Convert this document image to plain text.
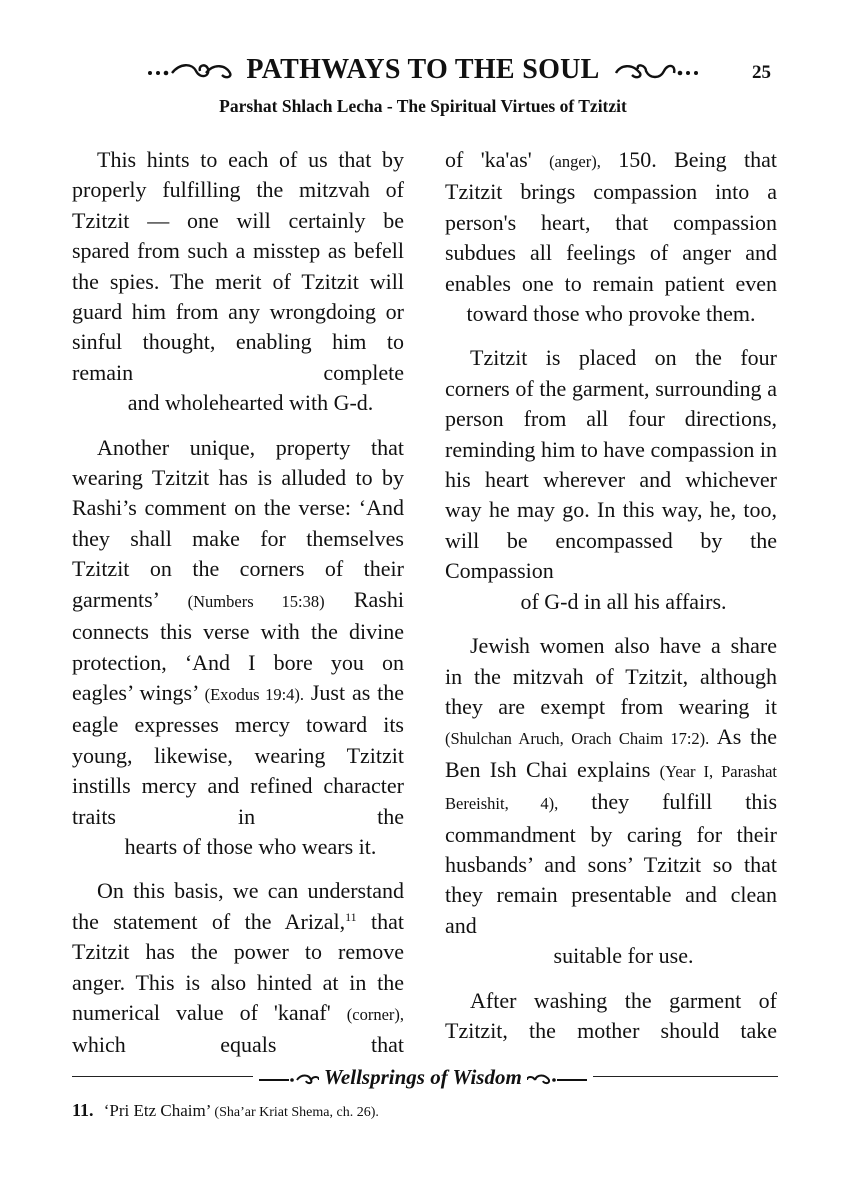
PATHWAYS TO THE SOUL	25
Parshat Shlach Lecha - The Spiritual Virtues of Tzitzit

This hints to each of us that by properly fulfilling the mitzvah of Tzitzit — one will certainly be spared from such a misstep as befell the spies. The merit of Tzitzit will guard him from any wrongdoing or sinful thought, enabling him to remain complete
and wholehearted with G-d.

Another unique, property that wearing Tzitzit has is alluded to by Rashi’s comment on the verse: ‘And they shall make for themselves Tzitzit on the corners of their garments’ (Numbers 15:38) Rashi connects this verse with the divine protection, ‘And I bore you on eagles’ wings’ (Exodus 19:4). Just as the eagle expresses mercy toward its young, likewise, wearing Tzitzit instills mercy and refined character traits in the
hearts of those who wears it.

On this basis, we can understand the statement of the Arizal,$^{11}$ that Tzitzit has the power to remove anger. This is also hinted at in the numerical value of 'kanaf' (corner), which equals that

of 'ka'as' (anger), 150. Being that Tzitzit brings compassion into a person's heart, that compassion subdues all feelings of anger and enables one to remain patient even
toward those who provoke them.

Tzitzit is placed on the four corners of the garment, surrounding a person from all four directions, reminding him to have compassion in his heart wherever and whichever way he may go. In this way, he, too, will be encompassed by the Compassion
of G-d in all his affairs.

Jewish women also have a share in the mitzvah of Tzitzit, although they are exempt from wearing it (Shulchan Aruch, Orach Chaim 17:2). As the Ben Ish Chai explains (Year I, Parashat Bereishit, 4), they fulfill this commandment by caring for their husbands’ and sons’ Tzitzit so that they remain presentable and clean and
suitable for use.

After washing the garment of Tzitzit, the mother should take

Wellsprings of Wisdom
11. ‘Pri Etz Chaim’ (Sha’ar Kriat Shema, ch. 26).
